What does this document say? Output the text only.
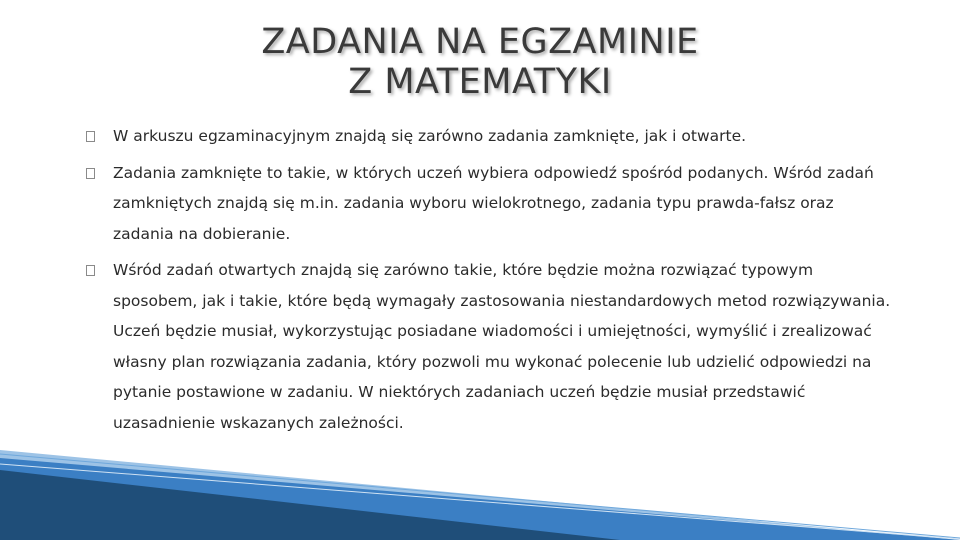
ZADANIA NA EGZAMINIE
Z MATEMATYKI
W arkuszu egzaminacyjnym znajdą się zarówno zadania zamknięte, jak i otwarte.
Zadania zamknięte to takie, w których uczeń wybiera odpowiedź spośród podanych. Wśród zadań zamkniętych znajdą się m.in. zadania wyboru wielokrotnego, zadania typu prawda-fałsz oraz zadania na dobieranie.
Wśród zadań otwartych znajdą się zarówno takie, które będzie można rozwiązać typowym sposobem, jak i takie, które będą wymagały zastosowania niestandardowych metod rozwiązywania. Uczeń będzie musiał, wykorzystując posiadane wiadomości i umiejętności, wymyślić i zrealizować własny plan rozwiązania zadania, który pozwoli mu wykonać polecenie lub udzielić odpowiedzi na pytanie postawione w zadaniu. W niektórych zadaniach uczeń będzie musiał przedstawić uzasadnienie wskazanych zależności.
